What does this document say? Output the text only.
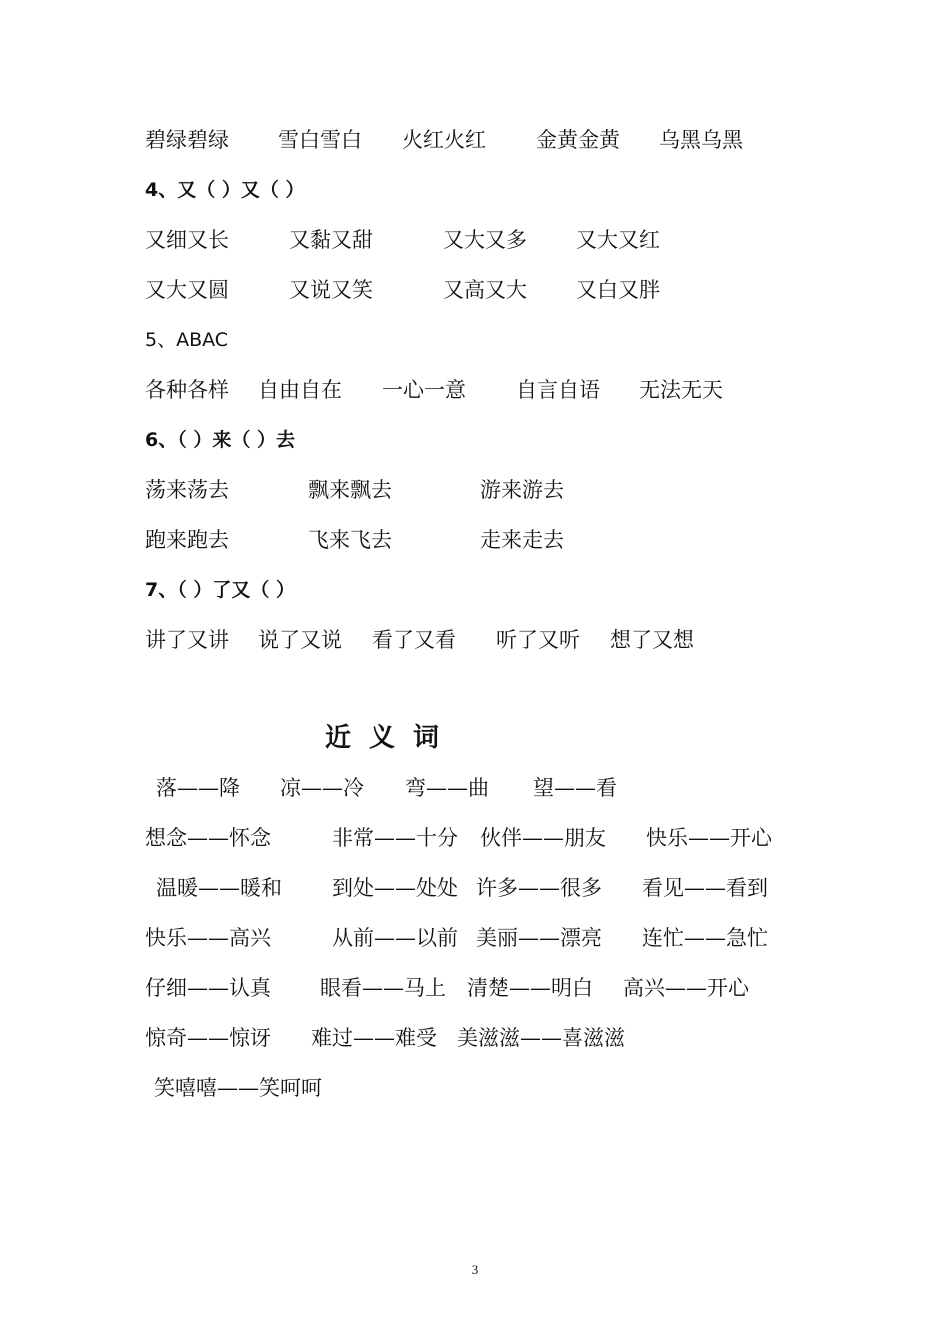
碧绿碧绿 雪白雪白 火红火红 金黄金黄 乌黑乌黑
4、又（ ）又（ ）
又细又长	又黏又甜	又大又多 又大又红
又大又圆	又说又笑	又高又大 又白又胖
5、ABAC
各种各样 自由自在 一心一意 自言自语 无法无天
6、（ ）来（ ）去
荡来荡去	飘来飘去	游来游去
跑来跑去	飞来飞去	走来走去
7、（ ）了又（ ）
讲了又讲 说了又说 看了又看 听了又听 想了又想
近义词
落——降 凉——冷 弯——曲 望——看
想念——怀念	非常——十分 伙伴——朋友 快乐——开心
温暖——暖和 到处——处处 许多——很多 看见——看到
快乐——高兴	从前——以前 美丽——漂亮 连忙——急忙
仔细——认真 眼看——马上 清楚——明白 高兴——开心
惊奇——惊讶 难过——难受 美滋滋——喜滋滋
笑嘻嘻——笑呵呵
3
